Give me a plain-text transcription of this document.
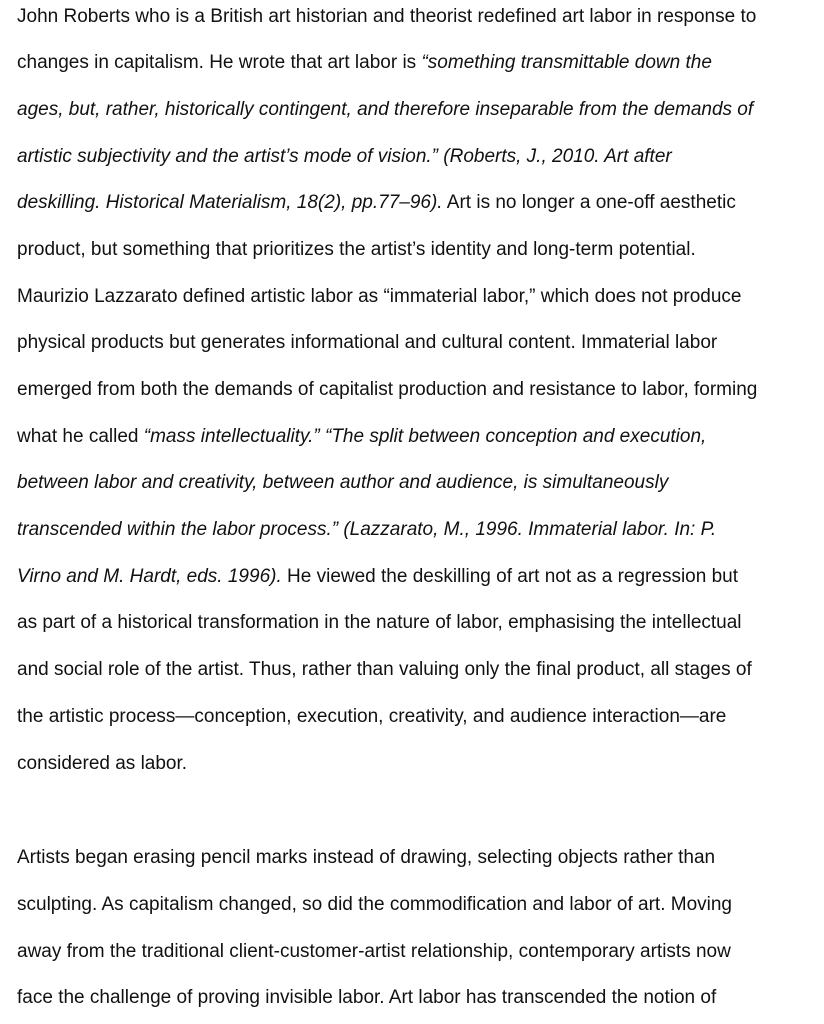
John Roberts who is a British art historian and theorist redefined art labor in response to
changes in capitalism. He wrote that art labor is “something transmittable down the
ages, but, rather, historically contingent, and therefore inseparable from the demands of
artistic subjectivity and the artist’s mode of vision.” (Roberts, J., 2010. Art after
deskilling. Historical Materialism, 18(2), pp.77–96). Art is no longer a one-off aesthetic
product, but something that prioritizes the artist’s identity and long-term potential.
Maurizio Lazzarato defined artistic labor as “immaterial labor,” which does not produce
physical products but generates informational and cultural content. Immaterial labor
emerged from both the demands of capitalist production and resistance to labor, forming
what he called “mass intellectuality.” “The split between conception and execution,
between labor and creativity, between author and audience, is simultaneously
transcended within the labor process.” (Lazzarato, M., 1996. Immaterial labor. In: P.
Virno and M. Hardt, eds. 1996). He viewed the deskilling of art not as a regression but
as part of a historical transformation in the nature of labor, emphasising the intellectual
and social role of the artist. Thus, rather than valuing only the final product, all stages of
the artistic process—conception, execution, creativity, and audience interaction—are
considered as labor.
Artists began erasing pencil marks instead of drawing, selecting objects rather than
sculpting. As capitalism changed, so did the commodification and labor of art. Moving
away from the traditional client-customer-artist relationship, contemporary artists now
face the challenge of proving invisible labor. Art labor has transcended the notion of
